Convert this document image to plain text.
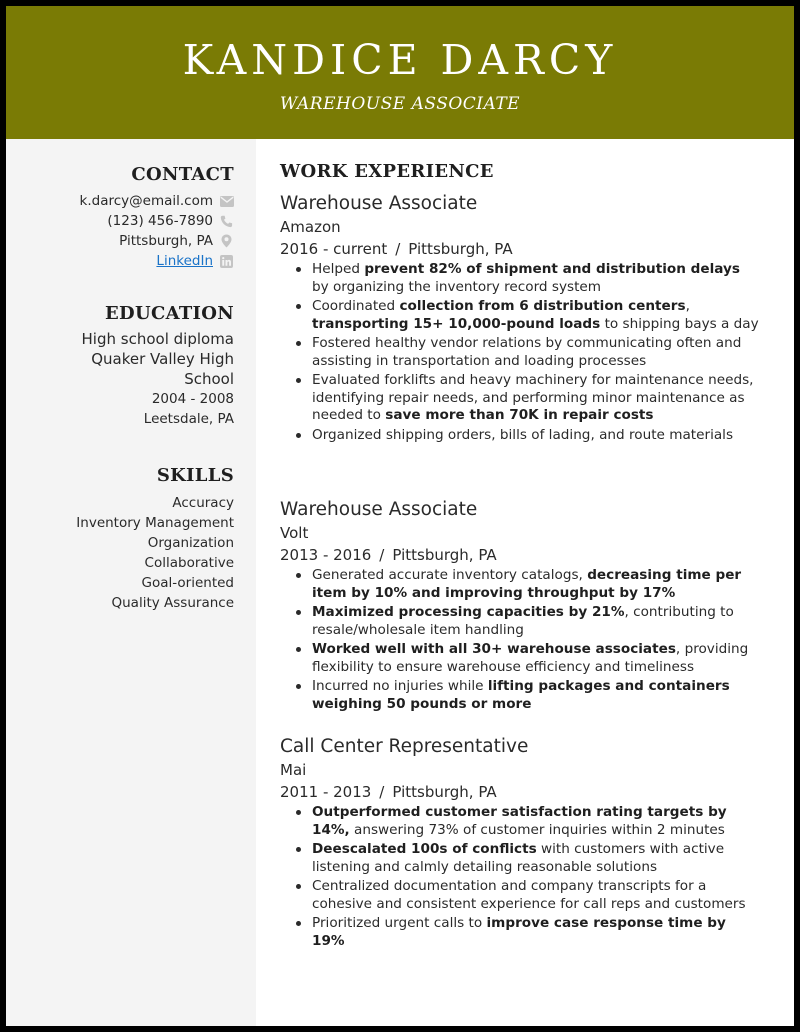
KANDICE DARCY
WAREHOUSE ASSOCIATE
CONTACT
k.darcy@email.com
(123) 456-7890
Pittsburgh, PA
LinkedIn
EDUCATION
High school diploma
Quaker Valley High
School
2004 - 2008
Leetsdale, PA
SKILLS
Accuracy
Inventory Management
Organization
Collaborative
Goal-oriented
Quality Assurance
WORK EXPERIENCE
Warehouse Associate
Amazon
2016 - current / Pittsburgh, PA
Helped prevent 82% of shipment and distribution delays by organizing the inventory record system
Coordinated collection from 6 distribution centers, transporting 15+ 10,000-pound loads to shipping bays a day
Fostered healthy vendor relations by communicating often and assisting in transportation and loading processes
Evaluated forklifts and heavy machinery for maintenance needs, identifying repair needs, and performing minor maintenance as needed to save more than 70K in repair costs
Organized shipping orders, bills of lading, and route materials
Warehouse Associate
Volt
2013 - 2016 / Pittsburgh, PA
Generated accurate inventory catalogs, decreasing time per item by 10% and improving throughput by 17%
Maximized processing capacities by 21%, contributing to resale/wholesale item handling
Worked well with all 30+ warehouse associates, providing flexibility to ensure warehouse efficiency and timeliness
Incurred no injuries while lifting packages and containers weighing 50 pounds or more
Call Center Representative
Mai
2011 - 2013 / Pittsburgh, PA
Outperformed customer satisfaction rating targets by 14%, answering 73% of customer inquiries within 2 minutes
Deescalated 100s of conflicts with customers with active listening and calmly detailing reasonable solutions
Centralized documentation and company transcripts for a cohesive and consistent experience for call reps and customers
Prioritized urgent calls to improve case response time by 19%
